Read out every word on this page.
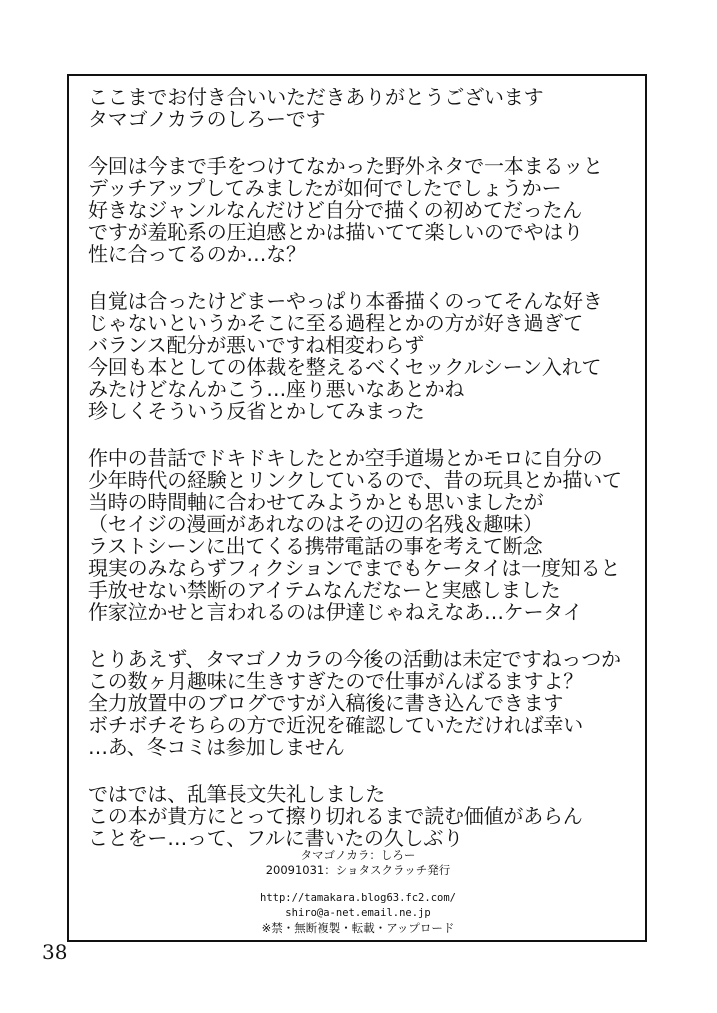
ここまでお付き合いいただきありがとうございます
タマゴノカラのしろーです

今回は今まで手をつけてなかった野外ネタで一本まるッと
デッチアップしてみましたが如何でしたでしょうかー
好きなジャンルなんだけど自分で描くの初めてだったん
ですが羞恥系の圧迫感とかは描いてて楽しいのでやはり
性に合ってるのか…な？

自覚は合ったけどまーやっぱり本番描くのってそんな好き
じゃないというかそこに至る過程とかの方が好き過ぎて
バランス配分が悪いですね相変わらず
今回も本としての体裁を整えるべくセックルシーン入れて
みたけどなんかこう…座り悪いなあとかね
珍しくそういう反省とかしてみまった

作中の昔話でドキドキしたとか空手道場とかモロに自分の
少年時代の経験とリンクしているので、昔の玩具とか描いて
当時の時間軸に合わせてみようかとも思いましたが
（セイジの漫画があれなのはその辺の名残＆趣味）
ラストシーンに出てくる携帯電話の事を考えて断念
現実のみならずフィクションでまでもケータイは一度知ると
手放せない禁断のアイテムなんだなーと実感しました
作家泣かせと言われるのは伊達じゃねえなあ…ケータイ

とりあえず、タマゴノカラの今後の活動は未定ですねっつか
この数ヶ月趣味に生きすぎたので仕事がんばるますよ？
全力放置中のブログですが入稿後に書き込んできます
ボチボチそちらの方で近況を確認していただければ幸い
…あ、冬コミは参加しません

ではでは、乱筆長文失礼しました
この本が貴方にとって擦り切れるまで読む価値があらん
ことをー…って、フルに書いたの久しぶり

タマゴノカラ：しろー
20091031：ショタスクラッチ発行
http://tamakara.blog63.fc2.com/
shiro@a-net.email.ne.jp
※禁・無断複製・転載・アップロード
38
